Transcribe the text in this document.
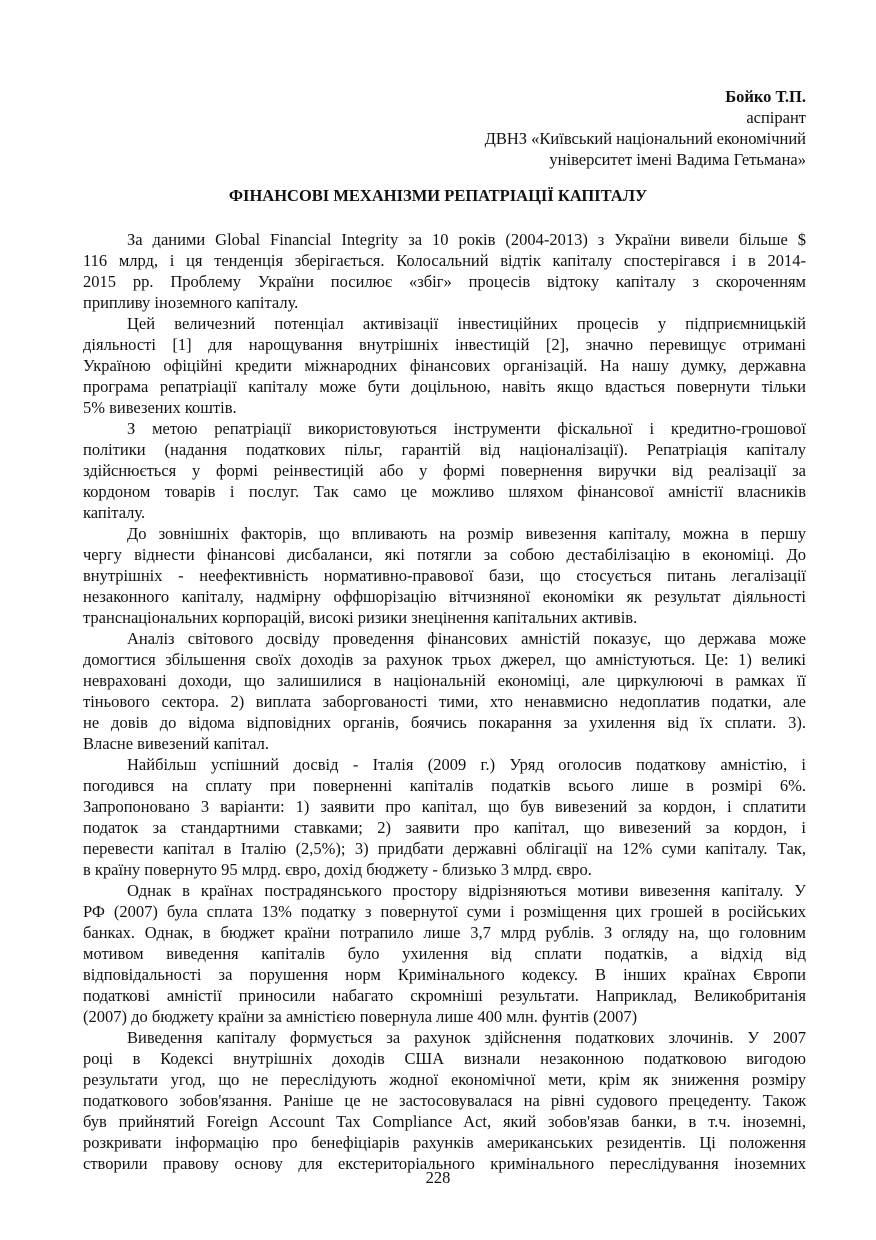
Бойко Т.П.
аспірант
ДВНЗ «Київський національний економічний
університет імені Вадима Гетьмана»
ФІНАНСОВІ МЕХАНІЗМИ РЕПАТРІАЦІЇ КАПІТАЛУ
За даними Global Financial Integrity за 10 років (2004-2013) з України вивели більше $
116 млрд, і ця тенденція зберігається. Колосальний відтік капіталу спостерігався і в 2014-
2015 рр. Проблему України посилює «збіг» процесів відтоку капіталу з скороченням
припливу іноземного капіталу.
Цей величезний потенціал активізації інвестиційних процесів у підприємницькій
діяльності [1] для нарощування внутрішніх інвестицій [2], значно перевищує отримані
Україною офіційні кредити міжнародних фінансових організацій. На нашу думку, державна
програма репатріації капіталу може бути доцільною, навіть якщо вдасться повернути тільки
5% вивезених коштів.
З метою репатріації використовуються інструменти фіскальної і кредитно-грошової
політики (надання податкових пільг, гарантій від націоналізації). Репатріація капіталу
здійснюється у формі реінвестицій або у формі повернення виручки від реалізації за
кордоном товарів і послуг. Так само це можливо шляхом фінансової амністії власників
капіталу.
До зовнішніх факторів, що впливають на розмір вивезення капіталу, можна в першу
чергу віднести фінансові дисбаланси, які потягли за собою дестабілізацію в економіці. До
внутрішніх - неефективність нормативно-правової бази, що стосується питань легалізації
незаконного капіталу, надмірну оффшорізацію вітчизняної економіки як результат діяльності
транснаціональних корпорацій, високі ризики знецінення капітальних активів.
Аналіз світового досвіду проведення фінансових амністій показує, що держава може
домогтися збільшення своїх доходів за рахунок трьох джерел, що амністуються. Це: 1) великі
неврахованi доходи, що залишилися в національній економіці, але циркулюючі в рамках її
тіньового сектора. 2) виплата заборгованості тими, хто ненавмисно недоплатив податки, але
не довів до відома відповідних органів, боячись покарання за ухилення від їх сплати. 3).
Власне вивезений капітал.
Найбільш успішний досвід - Італія (2009 г.) Уряд оголосив податкову амністію, і
погодився на сплату при поверненні капіталів податків всього лише в розмірі 6%.
Запропоновано 3 варіанти: 1) заявити про капітал, що був вивезений за кордон, і сплатити
податок за стандартними ставками; 2) заявити про капітал, що вивезений за кордон, і
перевести капітал в Італію (2,5%); 3) придбати державні облігації на 12% суми капіталу. Так,
в країну повернуто 95 млрд. євро, дохід бюджету - близько 3 млрд. євро.
Однак в країнах пострадянського простору відрізняються мотиви вивезення капіталу. У
РФ (2007) була сплата 13% податку з повернутої суми і розміщення цих грошей в російських
банках. Однак, в бюджет країни потрапило лише 3,7 млрд рублів. З огляду на, що головним
мотивом виведення капіталів було ухилення від сплати податків, а відхід від
відповідальності за порушення норм Кримінального кодексу. В інших країнах Європи
податкові амністії приносили набагато скромніші результати. Наприклад, Великобританія
(2007) до бюджету країни за амністією повернула лише 400 млн. фунтів (2007)
Виведення капіталу формується за рахунок здійснення податкових злочинів. У 2007
році в Кодексі внутрішніх доходів США визнали незаконною податковою вигодою
результати угод, що не переслідують жодної економічної мети, крім як зниження розміру
податкового зобов'язання. Раніше це не застосовувалася на рівні судового прецеденту. Також
був прийнятий Foreign Account Tax Compliance Act, який зобов'язав банки, в т.ч. іноземні,
розкривати інформацію про бенефіціарів рахунків американських резидентів. Ці положення
створили правову основу для екстериторіального кримінального переслідування іноземних
228
